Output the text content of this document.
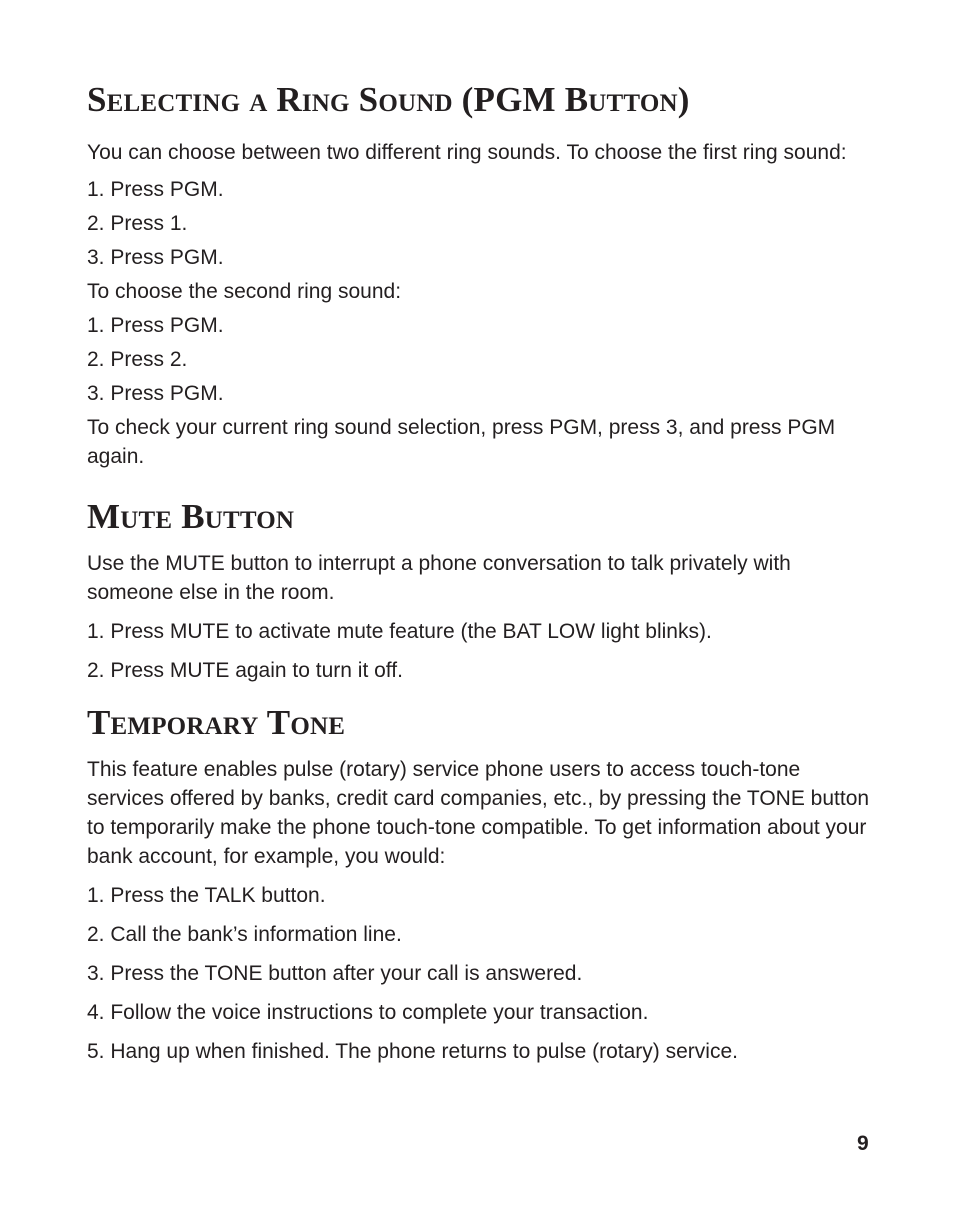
Selecting a Ring Sound (PGM Button)

You can choose between two different ring sounds. To choose the first ring sound:

1. Press PGM.
2. Press 1.
3. Press PGM.

To choose the second ring sound:

1. Press PGM.
2. Press 2.
3. Press PGM.

To check your current ring sound selection, press PGM, press 3, and press PGM again.

Mute Button

Use the MUTE button to interrupt a phone conversation to talk privately with someone else in the room.

1. Press MUTE to activate mute feature (the BAT LOW light blinks).
2. Press MUTE again to turn it off.
Temporary Tone

This feature enables pulse (rotary) service phone users to access touch-tone services offered by banks, credit card companies, etc., by pressing the TONE button to temporarily make the phone touch-tone compatible. To get information about your bank account, for example, you would:

1. Press the TALK button.
2. Call the bank’s information line.
3. Press the TONE button after your call is answered.
4. Follow the voice instructions to complete your transaction.
5. Hang up when finished. The phone returns to pulse (rotary) service.
9
